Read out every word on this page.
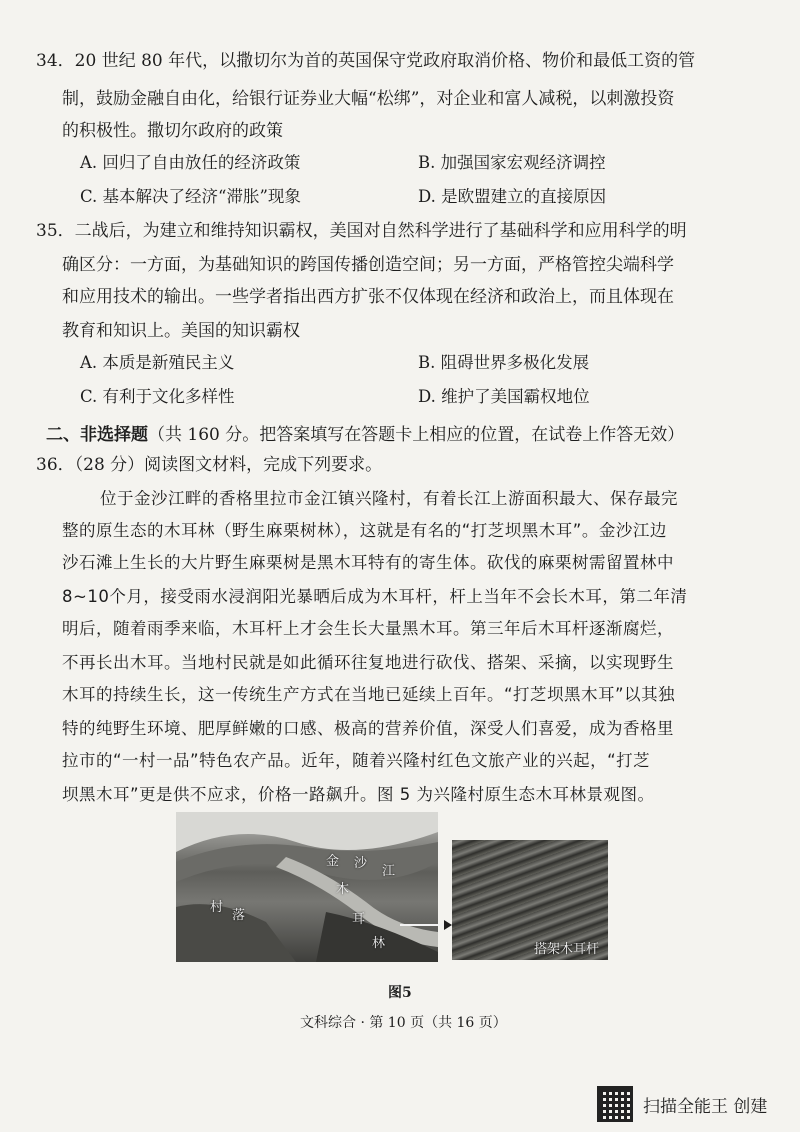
34．20 世纪 80 年代，以撒切尔为首的英国保守党政府取消价格、物价和最低工资的管
制，鼓励金融自由化，给银行证券业大幅“松绑”，对企业和富人减税，以刺激投资
的积极性。撒切尔政府的政策
A. 回归了自由放任的经济政策	B. 加强国家宏观经济调控
C. 基本解决了经济“滞胀”现象	D. 是欧盟建立的直接原因
35．二战后，为建立和维持知识霸权，美国对自然科学进行了基础科学和应用科学的明
确区分：一方面，为基础知识的跨国传播创造空间；另一方面，严格管控尖端科学
和应用技术的输出。一些学者指出西方扩张不仅体现在经济和政治上，而且体现在
教育和知识上。美国的知识霸权
A. 本质是新殖民主义	B. 阻碍世界多极化发展
C. 有利于文化多样性	D. 维护了美国霸权地位
二、非选择题（共 160 分。把答案填写在答题卡上相应的位置，在试卷上作答无效）
36．（28 分）阅读图文材料，完成下列要求。
位于金沙江畔的香格里拉市金江镇兴隆村，有着长江上游面积最大、保存最完
整的原生态的木耳林（野生麻栗树林），这就是有名的“打芝坝黑木耳”。金沙江边
沙石滩上生长的大片野生麻栗树是黑木耳特有的寄生体。砍伐的麻栗树需留置林中
8~10个月，接受雨水浸润阳光暴晒后成为木耳杆，杆上当年不会长木耳，第二年清
明后，随着雨季来临，木耳杆上才会生长大量黑木耳。第三年后木耳杆逐渐腐烂，
不再长出木耳。当地村民就是如此循环往复地进行砍伐、搭架、采摘，以实现野生
木耳的持续生长，这一传统生产方式在当地已延续上百年。“打芝坝黑木耳”以其独
特的纯野生环境、肥厚鲜嫩的口感、极高的营养价值，深受人们喜爱，成为香格里
拉市的“一村一品”特色农产品。近年，随着兴隆村红色文旅产业的兴起，“打芝
坝黑木耳”更是供不应求，价格一路飙升。图 5 为兴隆村原生态木耳林景观图。
金 沙
江
村
落
木
耳
林	搭架木耳杆
图5
文科综合 · 第 10 页（共 16 页）
扫描全能王 创建
